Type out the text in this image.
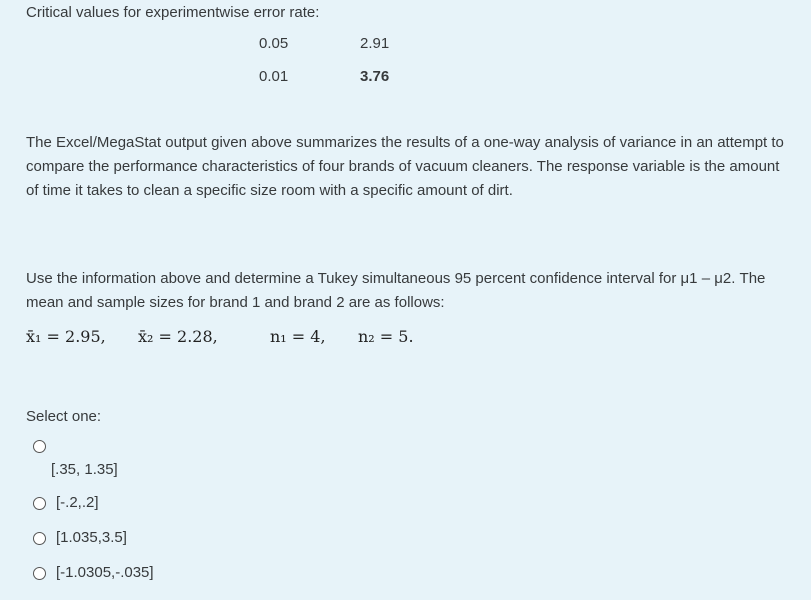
Critical values for experimentwise error rate:
0.05	2.91
0.01	3.76
The Excel/MegaStat output given above summarizes the results of a one-way analysis of variance in an attempt to compare the performance characteristics of four brands of vacuum cleaners. The response variable is the amount of time it takes to clean a specific size room with a specific amount of dirt.
Use the information above and determine a Tukey simultaneous 95 percent confidence interval for μ1 – μ2. The mean and sample sizes for brand 1 and brand 2 are as follows:
x̄₁ = 2.95, x̄₂ = 2.28,	n₁ = 4, n₂ = 5.
Select one:
[.35, 1.35]
[-.2,.2]
[1.035,3.5]
[-1.0305,-.035]
